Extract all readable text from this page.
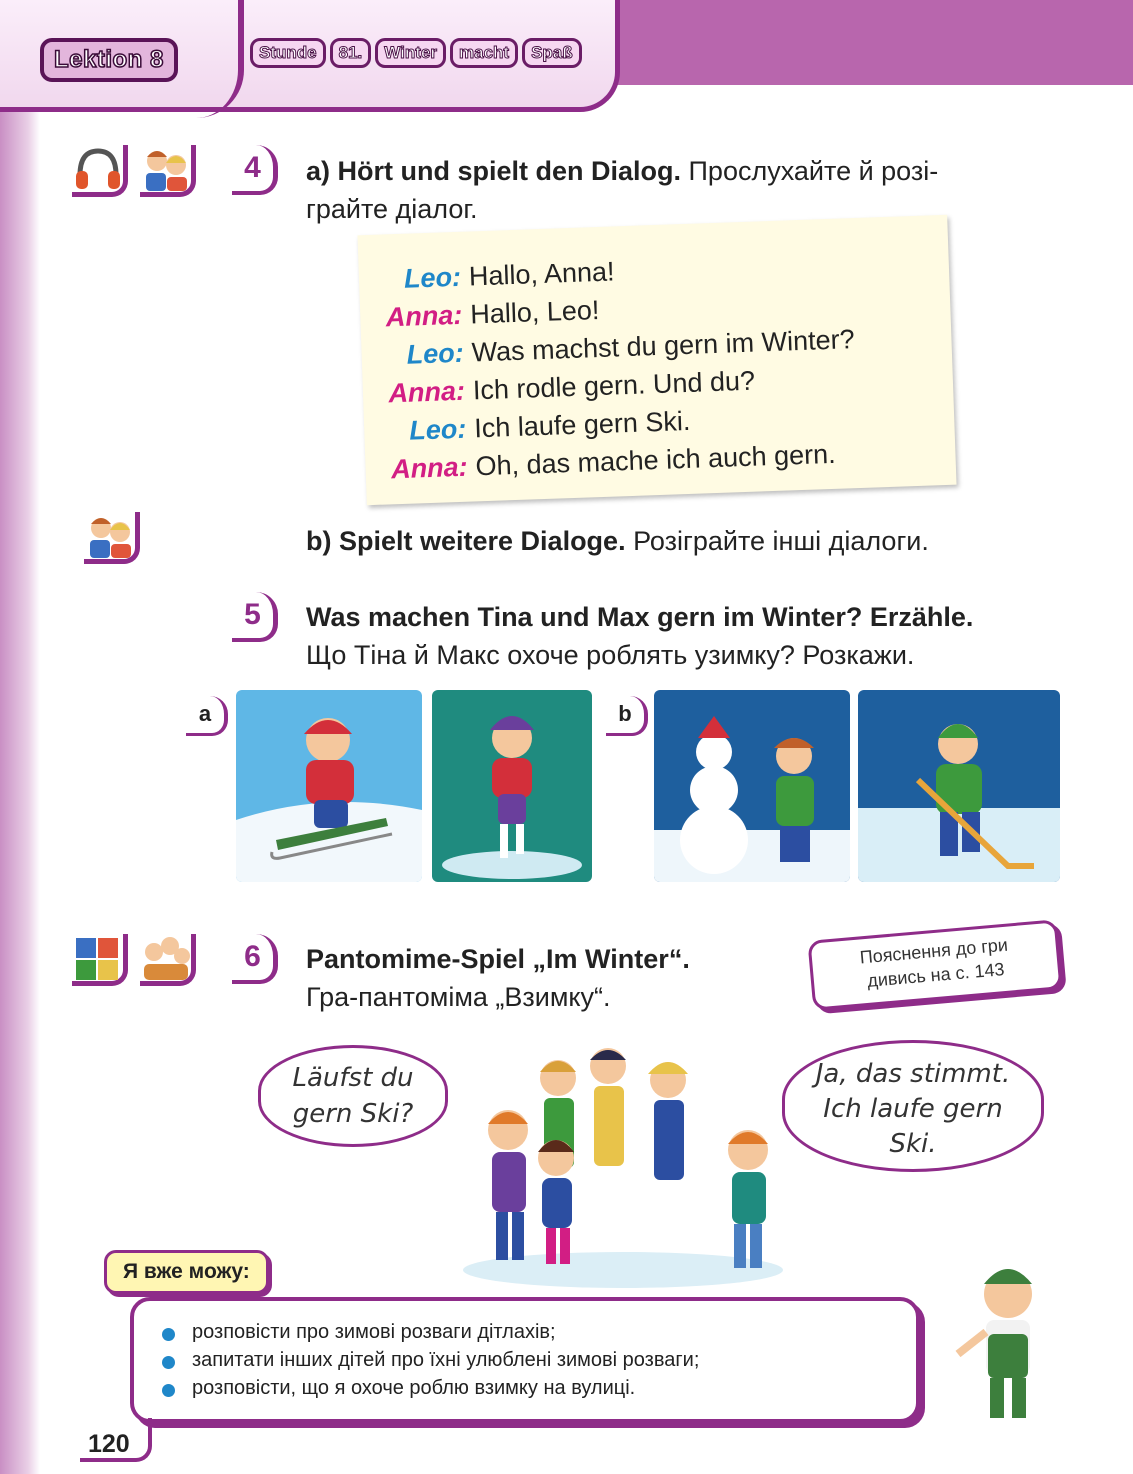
Lektion 8	Stunde	81.	Winter	macht	Spaß
4	a) Hört und spielt den Dialog. Прослухайте й розі-
грайте діалог.
Leo: Hallo, Anna!
Anna: Hallo, Leo!
Leo: Was machst du gern im Winter?
Anna: Ich rodle gern. Und du?
Leo: Ich laufe gern Ski.
Anna: Oh, das mache ich auch gern.
b) Spielt weitere Dialoge. Розіграйте інші діалоги.
5	Was machen Tina und Max gern im Winter? Erzähle.
Що Тіна й Макс охоче роблять узимку? Розкажи.
a	b
6	Pantomime-Spiel „Im Winter“.
Гра-пантоміма „Взимку“.
Пояснення до гри
дивись на с. 143
Läufst du
gern Ski?
Ja, das stimmt.
Ich laufe gern
Ski.
Я вже можу:
розповісти про зимові розваги дітлахів;
запитати інших дітей про їхні улюблені зимові розваги;
розповісти, що я охоче роблю взимку на вулиці.
120
